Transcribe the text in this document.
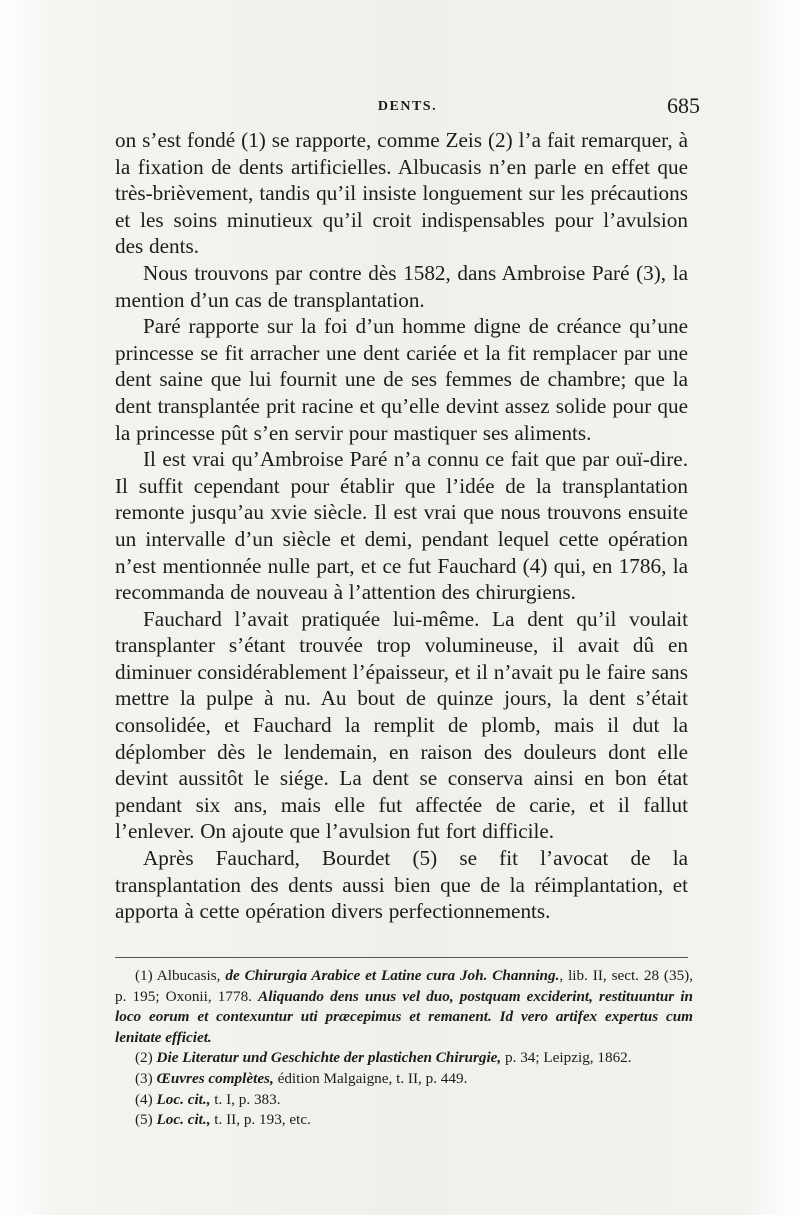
DENTS.	685

on s’est fondé (1) se rapporte, comme Zeis (2) l’a fait remarquer, à la fixation de dents artificielles. Albucasis n’en parle en effet que très-brièvement, tandis qu’il insiste longuement sur les précautions et les soins minutieux qu’il croit indispensables pour l’avulsion des dents.

Nous trouvons par contre dès 1582, dans Ambroise Paré (3), la mention d’un cas de transplantation.

Paré rapporte sur la foi d’un homme digne de créance qu’une princesse se fit arracher une dent cariée et la fit remplacer par une dent saine que lui fournit une de ses femmes de chambre; que la dent transplantée prit racine et qu’elle devint assez solide pour que la princesse pût s’en servir pour mastiquer ses aliments.

Il est vrai qu’Ambroise Paré n’a connu ce fait que par ouï-dire. Il suffit cependant pour établir que l’idée de la transplantation remonte jusqu’au xvie siècle. Il est vrai que nous trouvons ensuite un intervalle d’un siècle et demi, pendant lequel cette opération n’est mentionnée nulle part, et ce fut Fauchard (4) qui, en 1786, la recommanda de nouveau à l’attention des chirurgiens.

Fauchard l’avait pratiquée lui-même. La dent qu’il voulait transplanter s’étant trouvée trop volumineuse, il avait dû en diminuer considérablement l’épaisseur, et il n’avait pu le faire sans mettre la pulpe à nu. Au bout de quinze jours, la dent s’était consolidée, et Fauchard la remplit de plomb, mais il dut la déplomber dès le lendemain, en raison des douleurs dont elle devint aussitôt le siége. La dent se conserva ainsi en bon état pendant six ans, mais elle fut affectée de carie, et il fallut l’enlever. On ajoute que l’avulsion fut fort difficile.

Après Fauchard, Bourdet (5) se fit l’avocat de la transplantation des dents aussi bien que de la réimplantation, et apporta à cette opération divers perfectionnements.

(1) Albucasis, de Chirurgia Arabice et Latine cura Joh. Channing., lib. II, sect. 28 (35), p. 195; Oxonii, 1778. Aliquando dens unus vel duo, postquam exciderint, restituuntur in loco eorum et contexuntur uti præcepimus et remanent. Id vero artifex expertus cum lenitate efficiet.

(2) Die Literatur und Geschichte der plastichen Chirurgie, p. 34; Leipzig, 1862.

(3) Œuvres complètes, édition Malgaigne, t. II, p. 449.

(4) Loc. cit., t. I, p. 383.

(5) Loc. cit., t. II, p. 193, etc.
